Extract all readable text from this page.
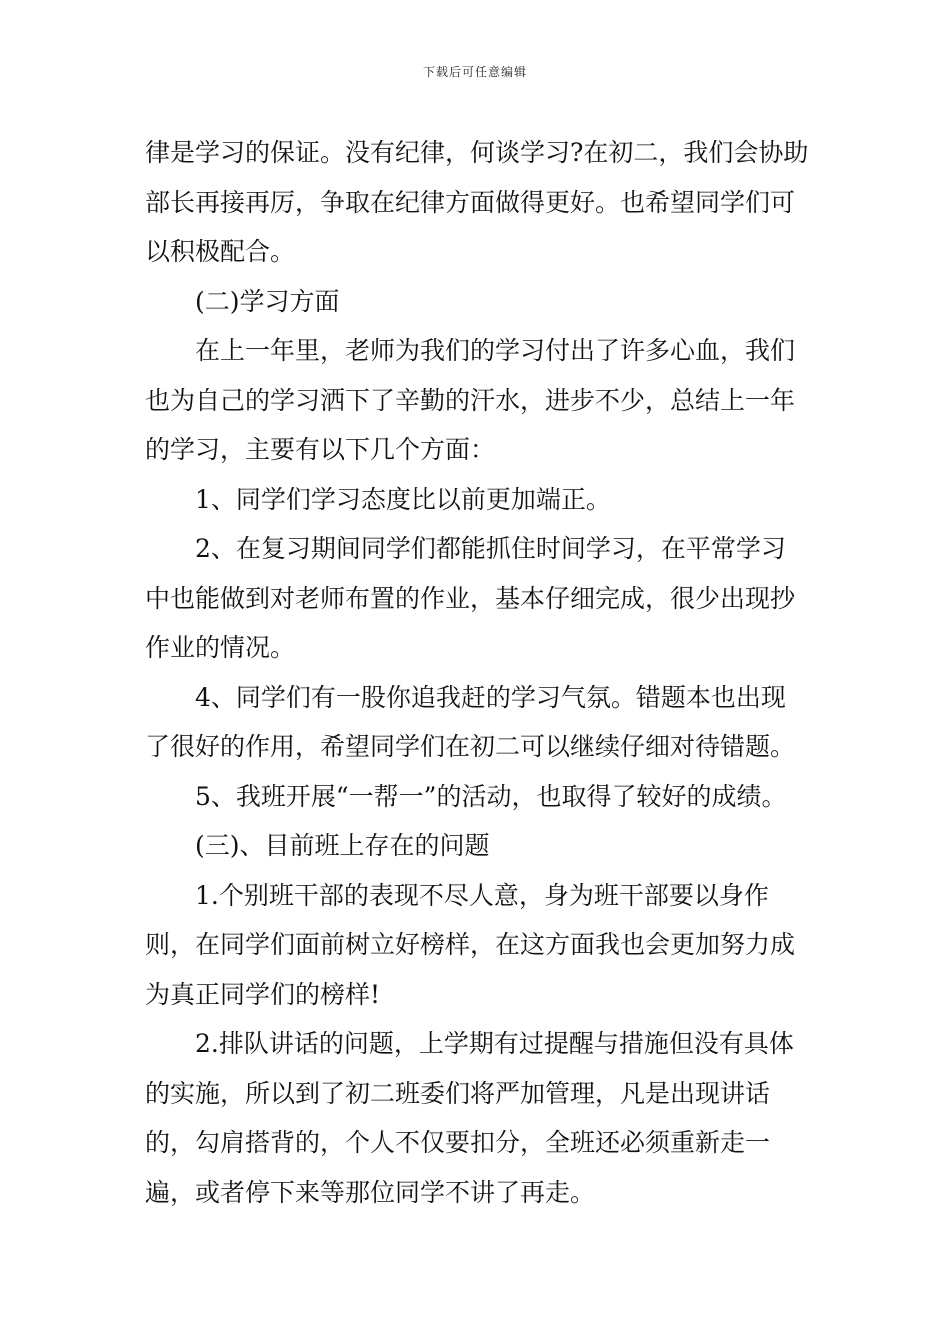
下载后可任意编辑

律是学习的保证。没有纪律，何谈学习?在初二，我们会协助部长再接再厉，争取在纪律方面做得更好。也希望同学们可以积极配合。

(二)学习方面

在上一年里，老师为我们的学习付出了许多心血，我们也为自己的学习洒下了辛勤的汗水，进步不少，总结上一年的学习，主要有以下几个方面：

1、同学们学习态度比以前更加端正。

2、在复习期间同学们都能抓住时间学习，在平常学习中也能做到对老师布置的作业，基本仔细完成，很少出现抄作业的情况。

4、同学们有一股你追我赶的学习气氛。错题本也出现了很好的作用，希望同学们在初二可以继续仔细对待错题。

5、我班开展“一帮一”的活动，也取得了较好的成绩。

(三)、目前班上存在的问题

1.个别班干部的表现不尽人意，身为班干部要以身作则，在同学们面前树立好榜样，在这方面我也会更加努力成为真正同学们的榜样!

2.排队讲话的问题，上学期有过提醒与措施但没有具体的实施，所以到了初二班委们将严加管理，凡是出现讲话的，勾肩搭背的，个人不仅要扣分，全班还必须重新走一遍，或者停下来等那位同学不讲了再走。
